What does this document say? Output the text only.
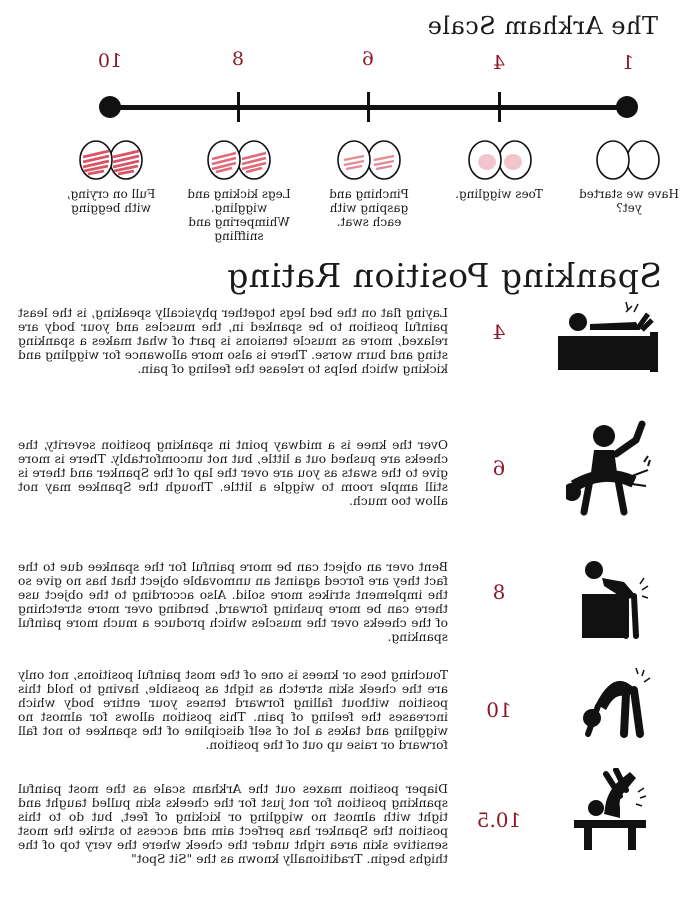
The Arkham Scale
1
4
6
8
10
Have we started yet?
Toes wiggling.
Pinching and gasping with each swat.
Legs kicking and wiggling. Whimpering and sniffling
Full on crying, with begging
Spanking Position Rating
4
Laying flat on the bed legs together physically speaking, is the least painful position to be spanked in, the muscles and your body are relaxed, more as muscle tensions is part of what makes a spanking sting and burn worse. There is also more allowance for wiggling and kicking which helps to release the feeling of pain.
6
Over the knee is a midway point in spanking position severity, the cheeks are pushed out a little, but not uncomfortably. There is more give to the swats as you are over the lap of the Spanker and there is still ample room to wiggle a little. Though the Spankee may not allow too much.
8
Bent over an object can be more painful for the spankee due to the fact they are forced against an unmovable object that has no give so the implement strikes more solid. Also according to the object use there can be more pushing forward, bending over more stretching of the cheeks over the muscles which produce a much more painful spanking.
10
Touching toes or knees is one of the most painful positions, not only are the cheek skin stretch as tight as possible, having to hold this position without falling forward tenses your entire body which increases the feeling of pain. This position allows for almost no wiggling and takes a lot of self discipline of the spankee to not fall forward or raise up out of the position.
10.5
Diaper position maxes out the Arkham scale as the most painful spanking position for not just for the cheeks skin pulled taught and tight with almost no wiggling or kicking of feet, but do to this position the Spanker has perfect aim and access to strike the most sensitive skin area right under the cheek where the very top of the thighs begin. Traditionally known as the "Sit Spot"
